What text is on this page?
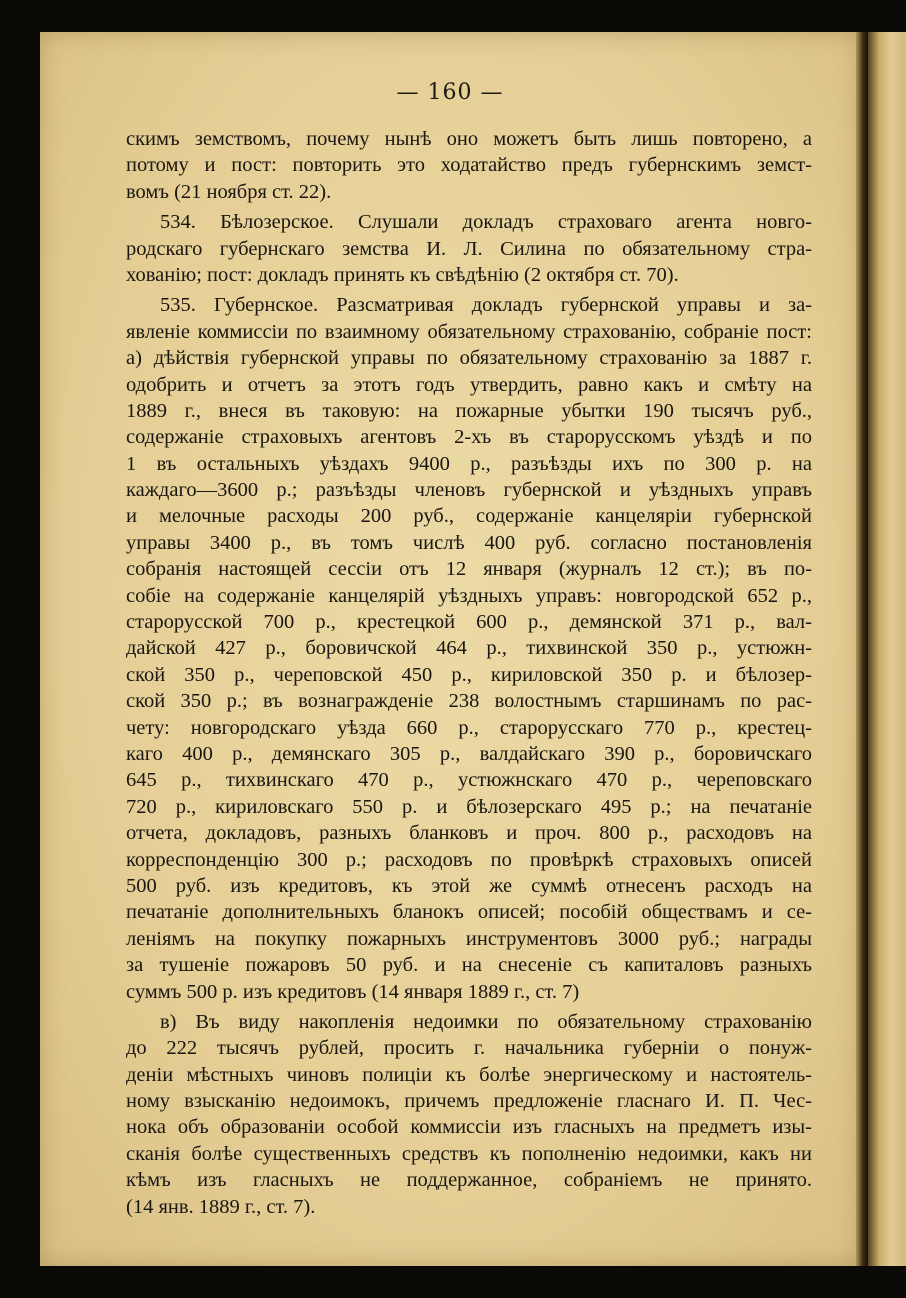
— 160 —
скимъ земствомъ, почему нынѣ оно можетъ быть лишь повторено, а
потому и пост: повторить это ходатайство предъ губернскимъ земст-
вомъ (21 ноября ст. 22).
534. Бѣлозерское. Слушали докладъ страховаго агента новго-
родскаго губернскаго земства И. Л. Силина по обязательному стра-
хованію; пост: докладъ принять къ свѣдѣнію (2 октября ст. 70).
535. Губернское. Разсматривая докладъ губернской управы и за-
явленіе коммиссіи по взаимному обязательному страхованію, собраніе пост:
а) дѣйствія губернской управы по обязательному страхованію за 1887 г.
одобрить и отчетъ за этотъ годъ утвердить, равно какъ и смѣту на
1889 г., внеся въ таковую: на пожарные убытки 190 тысячъ руб.,
содержаніе страховыхъ агентовъ 2-хъ въ старорусскомъ уѣздѣ и по
1 въ остальныхъ уѣздахъ 9400 р., разъѣзды ихъ по 300 р. на
каждаго—3600 р.; разъѣзды членовъ губернской и уѣздныхъ управъ
и мелочные расходы 200 руб., содержаніе канцеляріи губернской
управы 3400 р., въ томъ числѣ 400 руб. согласно постановленія
собранія настоящей сессіи отъ 12 января (журналъ 12 ст.); въ по-
собіе на содержаніе канцелярій уѣздныхъ управъ: новгородской 652 р.,
старорусской 700 р., крестецкой 600 р., демянской 371 р., вал-
дайской 427 р., боровичской 464 р., тихвинской 350 р., устюжн-
ской 350 р., череповской 450 р., кириловской 350 р. и бѣлозер-
ской 350 р.; въ вознагражденіе 238 волостнымъ старшинамъ по рас-
чету: новгородскаго уѣзда 660 р., старорусскаго 770 р., крестец-
каго 400 р., демянскаго 305 р., валдайскаго 390 р., боровичскаго
645 р., тихвинскаго 470 р., устюжнскаго 470 р., череповскаго
720 р., кириловскаго 550 р. и бѣлозерскаго 495 р.; на печатаніе
отчета, докладовъ, разныхъ бланковъ и проч. 800 р., расходовъ на
корреспонденцію 300 р.; расходовъ по провѣркѣ страховыхъ описей
500 руб. изъ кредитовъ, къ этой же суммѣ отнесенъ расходъ на
печатаніе дополнительныхъ бланокъ описей; пособій обществамъ и се-
леніямъ на покупку пожарныхъ инструментовъ 3000 руб.; награды
за тушеніе пожаровъ 50 руб. и на снесеніе съ капиталовъ разныхъ
суммъ 500 р. изъ кредитовъ (14 января 1889 г., ст. 7)
в) Въ виду накопленія недоимки по обязательному страхованію
до 222 тысячъ рублей, просить г. начальника губерніи о понуж-
деніи мѣстныхъ чиновъ полиціи къ болѣе энергическому и настоятель-
ному взысканію недоимокъ, причемъ предложеніе гласнаго И. П. Чес-
нока объ образованіи особой коммиссіи изъ гласныхъ на предметъ изы-
сканія болѣе существенныхъ средствъ къ пополненію недоимки, какъ ни
кѣмъ изъ гласныхъ не поддержанное, собраніемъ не принято.
(14 янв. 1889 г., ст. 7).
